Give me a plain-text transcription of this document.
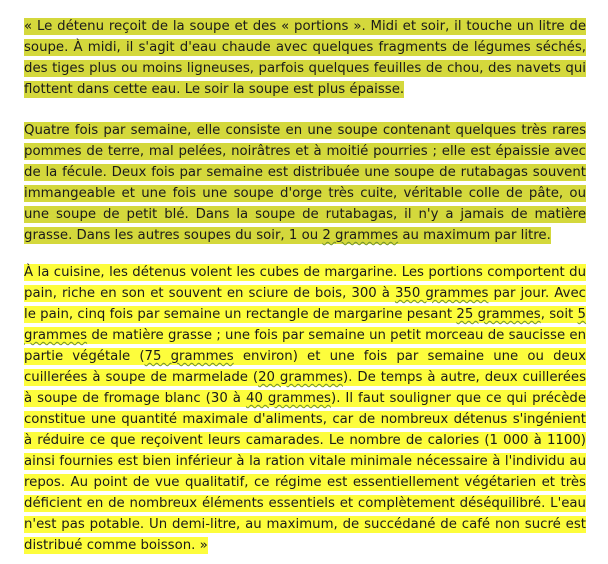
« Le détenu reçoit de la soupe et des « portions ». Midi et soir, il touche un litre de soupe. À midi, il s'agit d'eau chaude avec quelques fragments de légumes séchés, des tiges plus ou moins ligneuses, parfois quelques feuilles de chou, des navets qui flottent dans cette eau. Le soir la soupe est plus épaisse.

Quatre fois par semaine, elle consiste en une soupe contenant quelques très rares pommes de terre, mal pelées, noirâtres et à moitié pourries ; elle est épaissie avec de la fécule. Deux fois par semaine est distribuée une soupe de rutabagas souvent immangeable et une fois une soupe d'orge très cuite, véritable colle de pâte, ou une soupe de petit blé. Dans la soupe de rutabagas, il n'y a jamais de matière grasse. Dans les autres soupes du soir, 1 ou 2 grammes au maximum par litre.

À la cuisine, les détenus volent les cubes de margarine. Les portions comportent du pain, riche en son et souvent en sciure de bois, 300 à 350 grammes par jour. Avec le pain, cinq fois par semaine un rectangle de margarine pesant 25 grammes, soit 5 grammes de matière grasse ; une fois par semaine un petit morceau de saucisse en partie végétale (75 grammes environ) et une fois par semaine une ou deux cuillerées à soupe de marmelade (20 grammes). De temps à autre, deux cuillerées à soupe de fromage blanc (30 à 40 grammes). Il faut souligner que ce qui précède constitue une quantité maximale d'aliments, car de nombreux détenus s'ingénient à réduire ce que reçoivent leurs camarades. Le nombre de calories (1 000 à 1100) ainsi fournies est bien inférieur à la ration vitale minimale nécessaire à l'individu au repos. Au point de vue qualitatif, ce régime est essentiellement végétarien et très déficient en de nombreux éléments essentiels et complètement déséquilibré. L'eau n'est pas potable. Un demi-litre, au maximum, de succédané de café non sucré est distribué comme boisson. »
